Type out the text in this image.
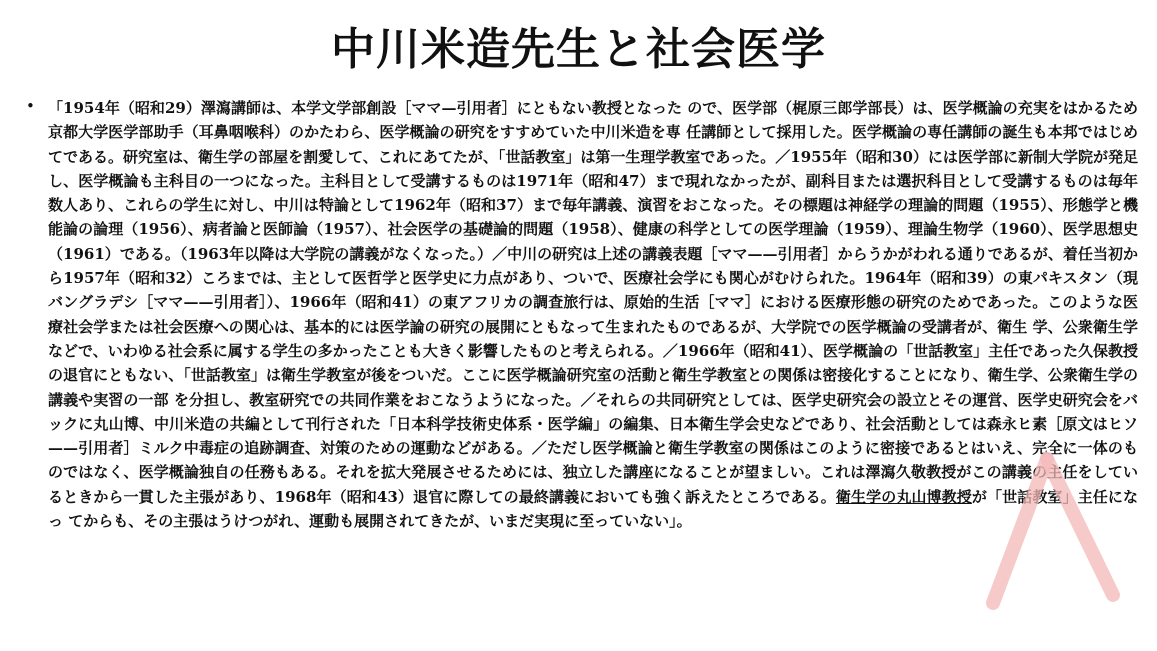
中川米造先生と社会医学
• 「1954年（昭和29）澤瀉講師は、本学文学部創設［ママ—引用者］にともない教授となった ので、医学部（梶原三郎学部長）は、医学概論の充実をはかるため京都大学医学部助手（耳鼻咽喉科）のかたわら、医学概論の研究をすすめていた中川米造を専 任講師として採用した。医学概論の専任講師の誕生も本邦ではじめてである。研究室は、衛生学の部屋を割愛して、これにあてたが、「世話教室」は第一生理学教室であった。／1955年（昭和30）には医学部に新制大学院が発足し、医学概論も主科目の一つになった。主科目として受講するものは1971年（昭和47）まで現れなかったが、副科目または選択科目として受講するものは毎年数人あり、これらの学生に対し、中川は特論として1962年（昭和37）まで毎年講義、演習をおこなった。その標題は神経学の理論的問題（1955）、形態学と機能論の論理（1956）、病者論と医師論（1957）、社会医学の基礎論的問題（1958）、健康の科学としての医学理論（1959）、理論生物学（1960）、医学思想史（1961）である。（1963年以降は大学院の講義がなくなった。）／中川の研究は上述の講義表題［ママ——引用者］からうかがわれる通りであるが、着任当初から1957年（昭和32）ころまでは、主として医哲学と医学史に力点があり、ついで、医療社会学にも関心がむけられた。1964年（昭和39）の東パキスタン（現バングラデシ［ママ——引用者］）、1966年（昭和41）の東アフリカの調査旅行は、原始的生活［ママ］における医療形態の研究のためであった。このような医療社会学または社会医療への関心は、基本的には医学論の研究の展開にともなって生まれたものであるが、大学院での医学概論の受講者が、衛生 学、公衆衛生学などで、いわゆる社会系に属する学生の多かったことも大きく影響したものと考えられる。／1966年（昭和41）、医学概論の「世話教室」主任であった久保教授の退官にともない、「世話教室」は衛生学教室が後をついだ。ここに医学概論研究室の活動と衛生学教室との関係は密接化することになり、衛生学、公衆衛生学の講義や実習の一部 を分担し、教室研究での共同作業をおこなうようになった。／それらの共同研究としては、医学史研究会の設立とその運営、医学史研究会をバックに丸山博、中川米造の共編として刊行された「日本科学技術史体系・医学編」の編集、日本衛生学会史などであり、社会活動としては森永ヒ素［原文はヒソ——引用者］ミルク中毒症の追跡調査、対策のための運動などがある。／ただし医学概論と衛生学教室の関係はこのように密接であるとはいえ、完全に一体のものではなく、医学概論独自の任務もある。それを拡大発展させるためには、独立した講座になることが望ましい。これは澤瀉久敬教授がこの講義の主任をしているときから一貫した主張があり、1968年（昭和43）退官に際しての最終講義においても強く訴えたところである。衛生学の丸山博教授が「世話教室」主任になっ てからも、その主張はうけつがれ、運動も展開されてきたが、いまだ実現に至っていない」。
